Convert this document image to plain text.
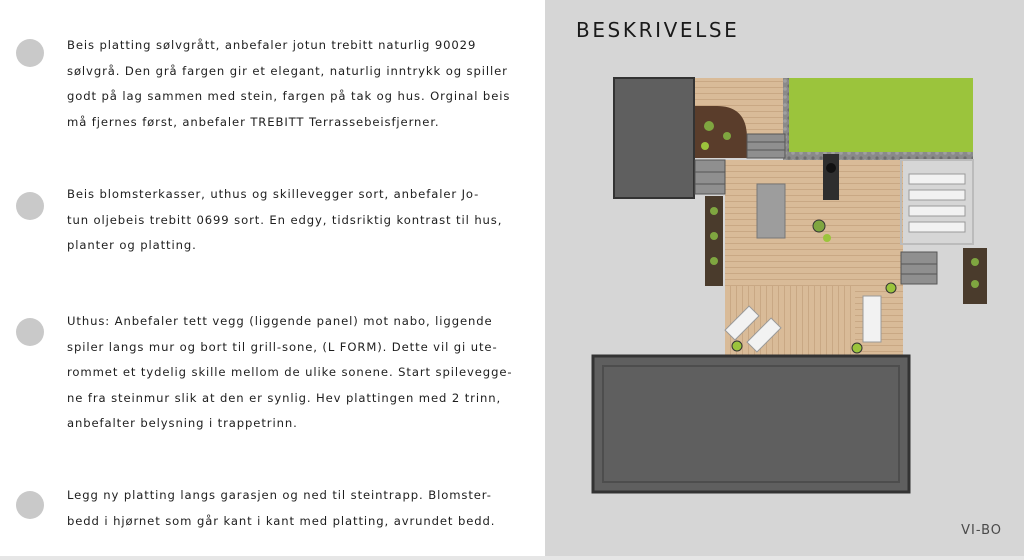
Beis platting sølvgrått, anbefaler jotun trebitt naturlig 90029
sølvgrå. Den grå fargen gir et elegant, naturlig inntrykk og spiller
godt på lag sammen med stein, fargen på tak og hus. Orginal beis
må fjernes først, anbefaler TREBITT Terrassebeisfjerner.

Beis blomsterkasser, uthus og skillevegger sort, anbefaler Jo-
tun oljebeis trebitt 0699 sort. En edgy, tidsriktig kontrast til hus,
planter og platting.

Uthus: Anbefaler tett vegg (liggende panel) mot nabo, liggende
spiler langs mur og bort til grill-sone, (L FORM). Dette vil gi ute-
rommet et tydelig skille mellom de ulike sonene. Start spilevegge-
ne fra steinmur slik at den er synlig. Hev plattingen med 2 trinn,
anbefalter belysning i trappetrinn.

Legg ny platting langs garasjen og ned til steintrapp. Blomster-
bedd i hjørnet som går kant i kant med platting, avrundet bedd.

BESKRIVELSE
VI-BO
